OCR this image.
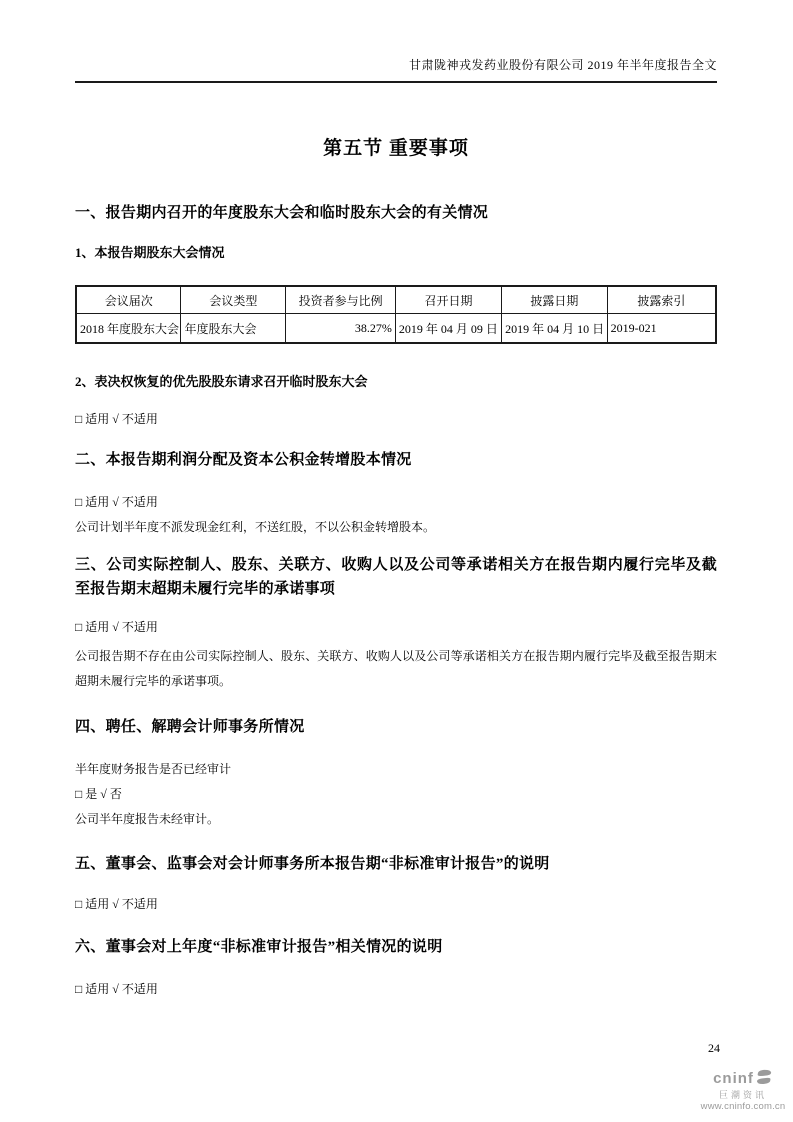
甘肃陇神戎发药业股份有限公司 2019 年半年度报告全文
第五节 重要事项
一、报告期内召开的年度股东大会和临时股东大会的有关情况
1、本报告期股东大会情况
会议届次	会议类型	投资者参与比例	召开日期	披露日期	披露索引
2018 年度股东大会	年度股东大会	38.27%	2019 年 04 月 09 日	2019 年 04 月 10 日	2019-021
2、表决权恢复的优先股股东请求召开临时股东大会
□ 适用 √ 不适用
二、本报告期利润分配及资本公积金转增股本情况
□ 适用 √ 不适用
公司计划半年度不派发现金红利，不送红股，不以公积金转增股本。
三、公司实际控制人、股东、关联方、收购人以及公司等承诺相关方在报告期内履行完毕及截至报告期末超期未履行完毕的承诺事项
□ 适用 √ 不适用
公司报告期不存在由公司实际控制人、股东、关联方、收购人以及公司等承诺相关方在报告期内履行完毕及截至报告期末超期未履行完毕的承诺事项。
四、聘任、解聘会计师事务所情况
半年度财务报告是否已经审计
□ 是 √ 否
公司半年度报告未经审计。
五、董事会、监事会对会计师事务所本报告期“非标准审计报告”的说明
□ 适用 √ 不适用
六、董事会对上年度“非标准审计报告”相关情况的说明
□ 适用 √ 不适用
24
cninf
巨潮资讯
www.cninfo.com.cn
